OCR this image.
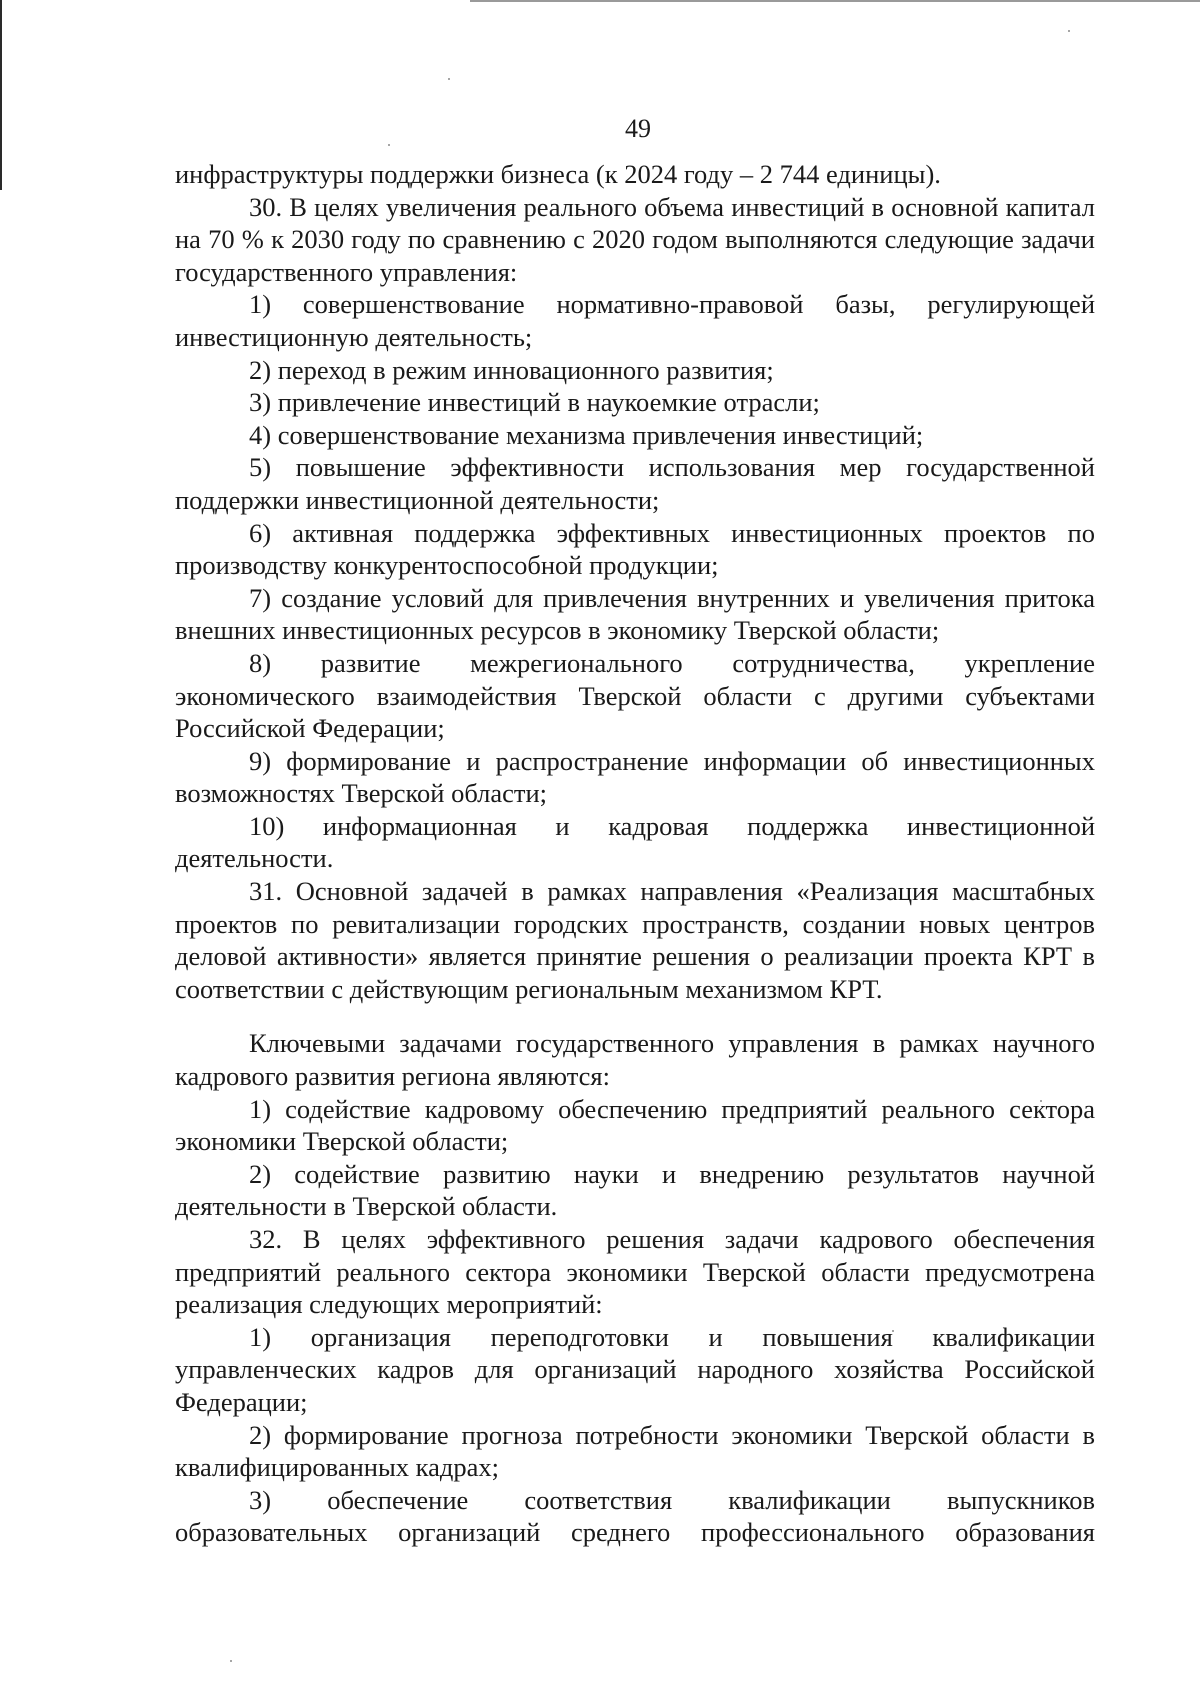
49

инфраструктуры поддержки бизнеса (к 2024 году – 2 744 единицы).

30. В целях увеличения реального объема инвестиций в основной капитал на 70 % к 2030 году по сравнению с 2020 годом выполняются следующие задачи государственного управления:

1) совершенствование нормативно-правовой базы, регулирующей инвестиционную деятельность;

2) переход в режим инновационного развития;

3) привлечение инвестиций в наукоемкие отрасли;

4) совершенствование механизма привлечения инвестиций;

5) повышение эффективности использования мер государственной поддержки инвестиционной деятельности;

6) активная поддержка эффективных инвестиционных проектов по производству конкурентоспособной продукции;

7) создание условий для привлечения внутренних и увеличения притока внешних инвестиционных ресурсов в экономику Тверской области;

8) развитие межрегионального сотрудничества, укрепление экономического взаимодействия Тверской области с другими субъектами Российской Федерации;

9) формирование и распространение информации об инвестиционных возможностях Тверской области;

10) информационная и кадровая поддержка инвестиционной деятельности.

31. Основной задачей в рамках направления «Реализация масштабных проектов по ревитализации городских пространств, создании новых центров деловой активности» является принятие решения о реализации проекта КРТ в соответствии с действующим региональным механизмом КРТ.

Ключевыми задачами государственного управления в рамках научного кадрового развития региона являются:

1) содействие кадровому обеспечению предприятий реального сектора экономики Тверской области;

2) содействие развитию науки и внедрению результатов научной деятельности в Тверской области.

32. В целях эффективного решения задачи кадрового обеспечения предприятий реального сектора экономики Тверской области предусмотрена реализация следующих мероприятий:

1) организация переподготовки и повышения квалификации управленческих кадров для организаций народного хозяйства Российской Федерации;

2) формирование прогноза потребности экономики Тверской области в квалифицированных кадрах;

3) обеспечение соответствия квалификации выпускников образовательных организаций среднего профессионального образования
